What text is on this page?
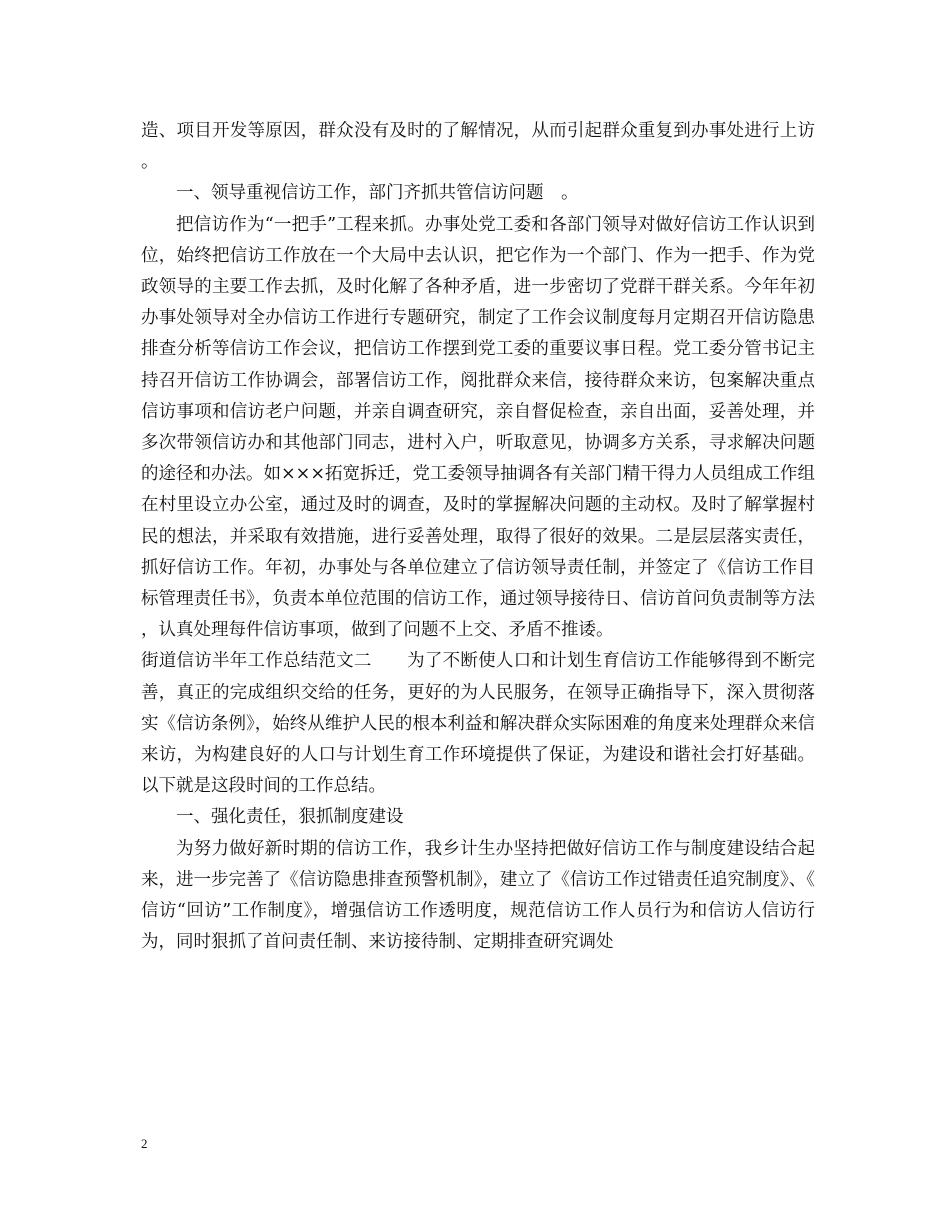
造、项目开发等原因，群众没有及时的了解情况，从而引起群众重复到办事处进行上访。

一、领导重视信访工作，部门齐抓共管信访问题　。

把信访作为“一把手”工程来抓。办事处党工委和各部门领导对做好信访工作认识到位，始终把信访工作放在一个大局中去认识，把它作为一个部门、作为一把手、作为党政领导的主要工作去抓，及时化解了各种矛盾，进一步密切了党群干群关系。今年年初办事处领导对全办信访工作进行专题研究，制定了工作会议制度每月定期召开信访隐患排查分析等信访工作会议，把信访工作摆到党工委的重要议事日程。党工委分管书记主持召开信访工作协调会，部署信访工作，阅批群众来信，接待群众来访，包案解决重点信访事项和信访老户问题，并亲自调查研究，亲自督促检查，亲自出面，妥善处理，并多次带领信访办和其他部门同志，进村入户，听取意见，协调多方关系，寻求解决问题的途径和办法。如×××拓宽拆迁，党工委领导抽调各有关部门精干得力人员组成工作组在村里设立办公室，通过及时的调查，及时的掌握解决问题的主动权。及时了解掌握村民的想法，并采取有效措施，进行妥善处理，取得了很好的效果。二是层层落实责任，抓好信访工作。年初，办事处与各单位建立了信访领导责任制，并签定了《信访工作目标管理责任书》，负责本单位范围的信访工作，通过领导接待日、信访首问负责制等方法，认真处理每件信访事项，做到了问题不上交、矛盾不推诿。

街道信访半年工作总结范文二　　为了不断使人口和计划生育信访工作能够得到不断完善，真正的完成组织交给的任务，更好的为人民服务，在领导正确指导下，深入贯彻落实《信访条例》，始终从维护人民的根本利益和解决群众实际困难的角度来处理群众来信来访，为构建良好的人口与计划生育工作环境提供了保证，为建设和谐社会打好基础。以下就是这段时间的工作总结。

一、强化责任，狠抓制度建设

为努力做好新时期的信访工作，我乡计生办坚持把做好信访工作与制度建设结合起来，进一步完善了《信访隐患排查预警机制》，建立了《信访工作过错责任追究制度》、《信访“回访”工作制度》，增强信访工作透明度，规范信访工作人员行为和信访人信访行为，同时狠抓了首问责任制、来访接待制、定期排查研究调处

2
